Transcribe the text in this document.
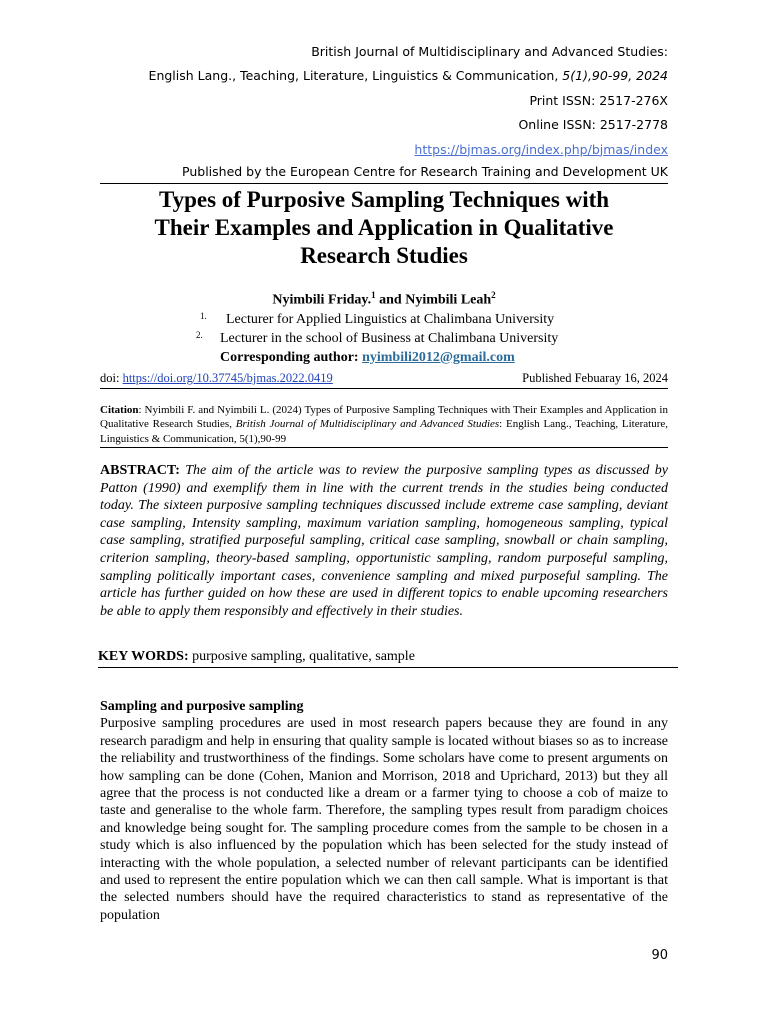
British Journal of Multidisciplinary and Advanced Studies:
English Lang., Teaching, Literature, Linguistics & Communication, 5(1),90-99, 2024
Print ISSN: 2517-276X
Online ISSN: 2517-2778
https://bjmas.org/index.php/bjmas/index
Published by the European Centre for Research Training and Development UK
Types of Purposive Sampling Techniques with
Their Examples and Application in Qualitative
Research Studies
Nyimbili Friday.$^1$ and Nyimbili Leah$^2$
1. Lecturer for Applied Linguistics at Chalimbana University
2. Lecturer in the school of Business at Chalimbana University
Corresponding author: nyimbili2012@gmail.com
doi: https://doi.org/10.37745/bjmas.2022.0419	Published Febuaray 16, 2024
Citation: Nyimbili F. and Nyimbili L. (2024) Types of Purposive Sampling Techniques with Their Examples and Application in Qualitative Research Studies, British Journal of Multidisciplinary and Advanced Studies: English Lang., Teaching, Literature, Linguistics & Communication, 5(1),90-99
ABSTRACT: The aim of the article was to review the purposive sampling types as discussed by Patton (1990) and exemplify them in line with the current trends in the studies being conducted today. The sixteen purposive sampling techniques discussed include extreme case sampling, deviant case sampling, Intensity sampling, maximum variation sampling, homogeneous sampling, typical case sampling, stratified purposeful sampling, critical case sampling, snowball or chain sampling, criterion sampling, theory-based sampling, opportunistic sampling, random purposeful sampling, sampling politically important cases, convenience sampling and mixed purposeful sampling. The article has further guided on how these are used in different topics to enable upcoming researchers be able to apply them responsibly and effectively in their studies.
KEY WORDS: purposive sampling, qualitative, sample
Sampling and purposive sampling

Purposive sampling procedures are used in most research papers because they are found in any research paradigm and help in ensuring that quality sample is located without biases so as to increase the reliability and trustworthiness of the findings. Some scholars have come to present arguments on how sampling can be done (Cohen, Manion and Morrison, 2018 and Uprichard, 2013) but they all agree that the process is not conducted like a dream or a farmer tying to choose a cob of maize to taste and generalise to the whole farm. Therefore, the sampling types result from paradigm choices and knowledge being sought for. The sampling procedure comes from the sample to be chosen in a study which is also influenced by the population which has been selected for the study instead of interacting with the whole population, a selected number of relevant participants can be identified and used to represent the entire population which we can then call sample. What is important is that the selected numbers should have the required characteristics to stand as representative of the population

90
